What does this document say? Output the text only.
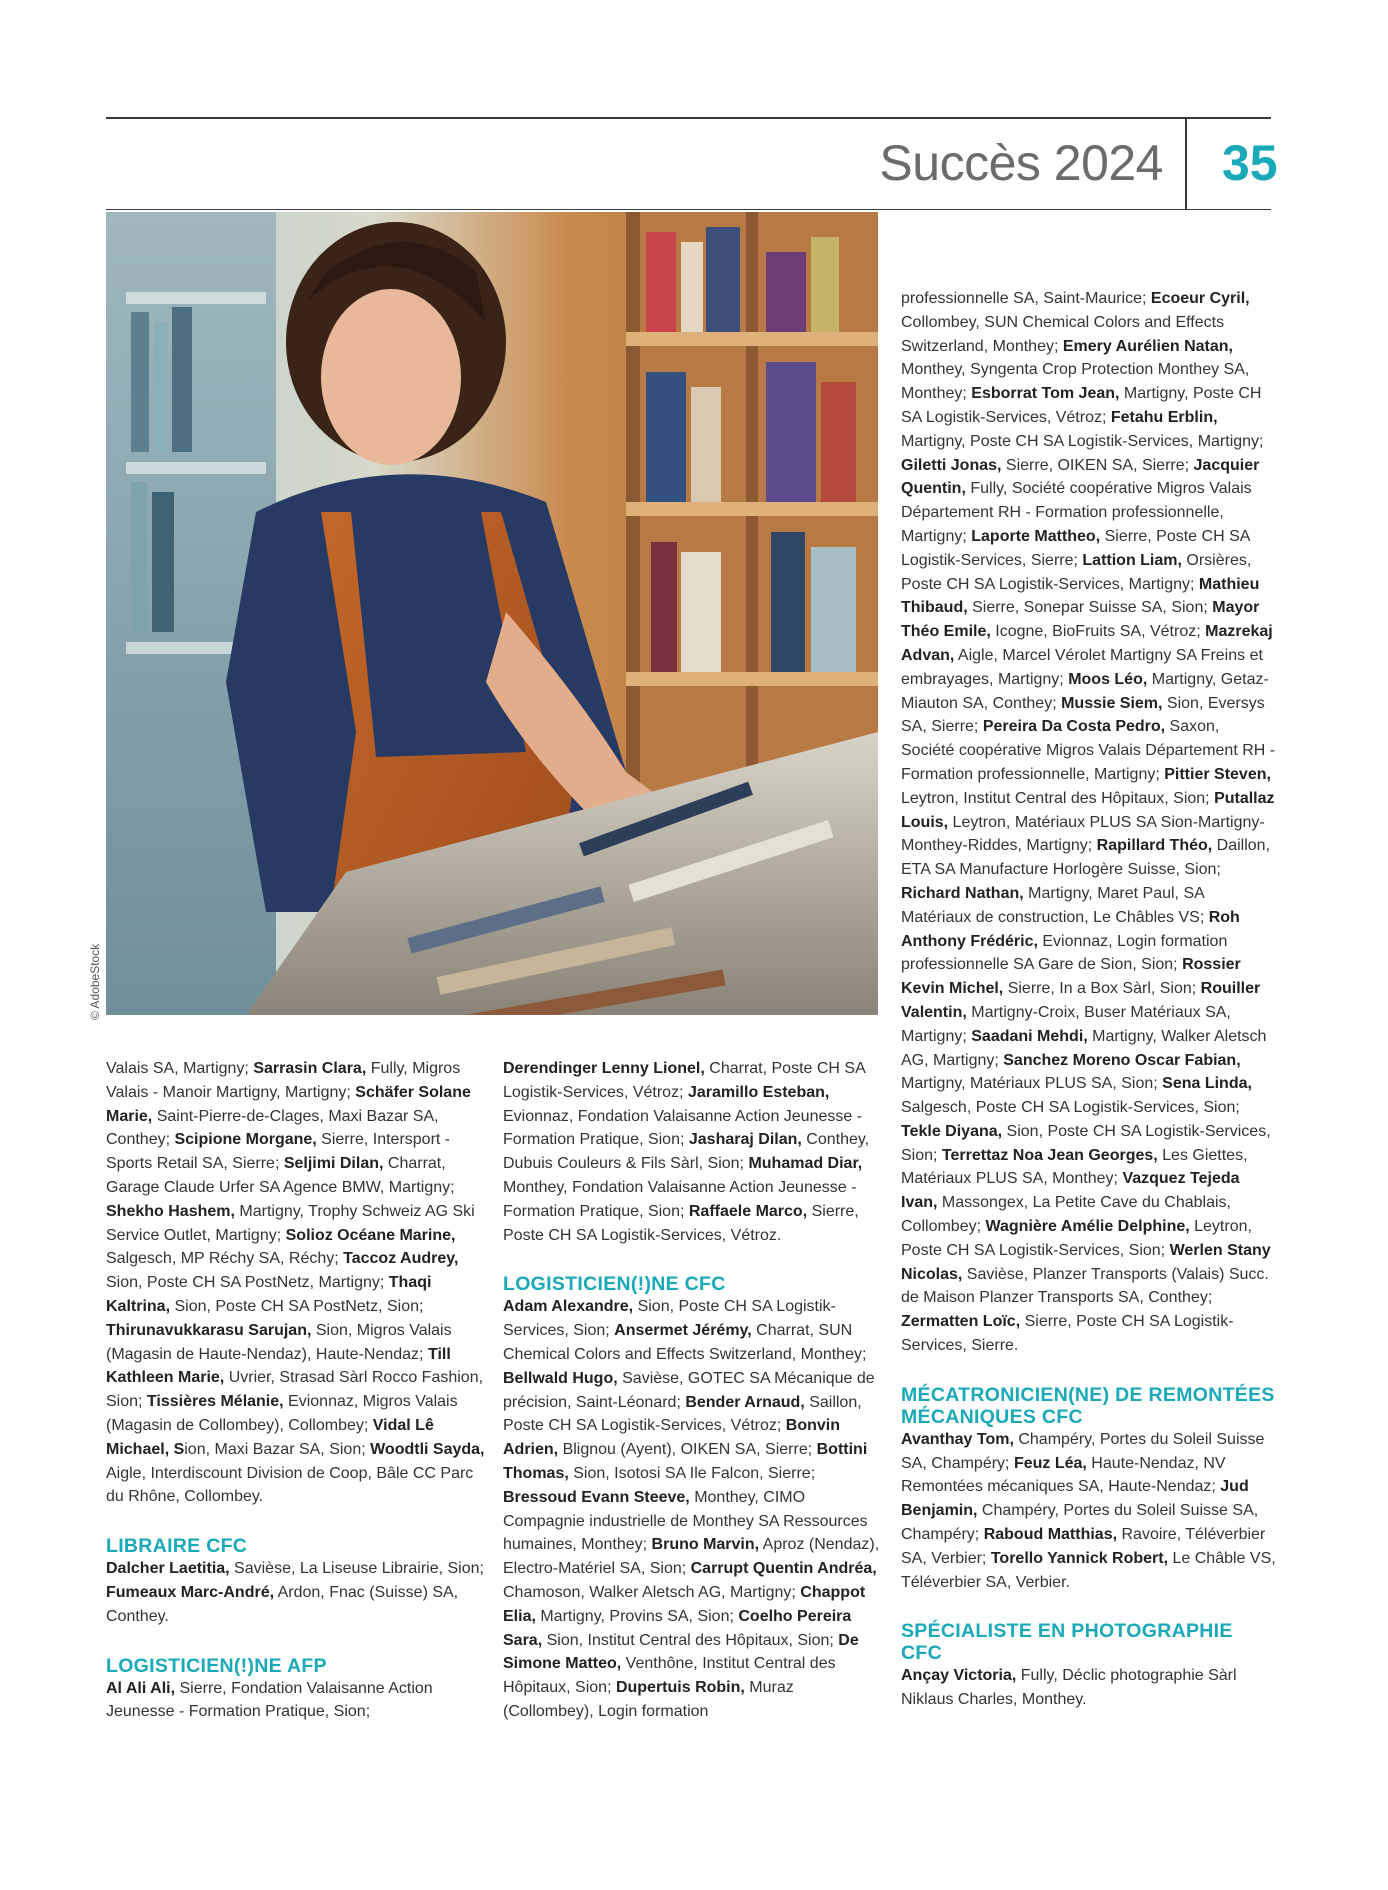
Succès 2024 35
© AdobeStock

Valais SA, Martigny; Sarrasin Clara, Fully, Migros Valais - Manoir Martigny, Martigny; Schäfer Solane Marie, Saint-Pierre-de-Clages, Maxi Bazar SA, Conthey; Scipione Morgane, Sierre, Intersport - Sports Retail SA, Sierre; Seljimi Dilan, Charrat, Garage Claude Urfer SA Agence BMW, Martigny; Shekho Hashem, Martigny, Trophy Schweiz AG Ski Service Outlet, Martigny; Solioz Océane Marine, Salgesch, MP Réchy SA, Réchy; Taccoz Audrey, Sion, Poste CH SA PostNetz, Martigny; Thaqi Kaltrina, Sion, Poste CH SA PostNetz, Sion; Thirunavukkarasu Sarujan, Sion, Migros Valais (Magasin de Haute-Nendaz), Haute-Nendaz; Till Kathleen Marie, Uvrier, Strasad Sàrl Rocco Fashion, Sion; Tissières Mélanie, Evionnaz, Migros Valais (Magasin de Collombey), Collombey; Vidal Lê Michael, Sion, Maxi Bazar SA, Sion; Woodtli Sayda, Aigle, Interdiscount Division de Coop, Bâle CC Parc du Rhône, Collombey.

LIBRAIRE CFC

Dalcher Laetitia, Savièse, La Liseuse Librairie, Sion; Fumeaux Marc-André, Ardon, Fnac (Suisse) SA, Conthey.

LOGISTICIEN(!)NE AFP

Al Ali Ali, Sierre, Fondation Valaisanne Action Jeunesse - Formation Pratique, Sion;

Derendinger Lenny Lionel, Charrat, Poste CH SA Logistik-Services, Vétroz; Jaramillo Esteban, Evionnaz, Fondation Valaisanne Action Jeunesse - Formation Pratique, Sion; Jasharaj Dilan, Conthey, Dubuis Couleurs & Fils Sàrl, Sion; Muhamad Diar, Monthey, Fondation Valaisanne Action Jeunesse - Formation Pratique, Sion; Raffaele Marco, Sierre, Poste CH SA Logistik-Services, Vétroz.

LOGISTICIEN(!)NE CFC

Adam Alexandre, Sion, Poste CH SA Logistik-Services, Sion; Ansermet Jérémy, Charrat, SUN Chemical Colors and Effects Switzerland, Monthey; Bellwald Hugo, Savièse, GOTEC SA Mécanique de précision, Saint-Léonard; Bender Arnaud, Saillon, Poste CH SA Logistik-Services, Vétroz; Bonvin Adrien, Blignou (Ayent), OIKEN SA, Sierre; Bottini Thomas, Sion, Isotosi SA Ile Falcon, Sierre; Bressoud Evann Steeve, Monthey, CIMO Compagnie industrielle de Monthey SA Ressources humaines, Monthey; Bruno Marvin, Aproz (Nendaz), Electro-Matériel SA, Sion; Carrupt Quentin Andréa, Chamoson, Walker Aletsch AG, Martigny; Chappot Elia, Martigny, Provins SA, Sion; Coelho Pereira Sara, Sion, Institut Central des Hôpitaux, Sion; De Simone Matteo, Venthône, Institut Central des Hôpitaux, Sion; Dupertuis Robin, Muraz (Collombey), Login formation

professionnelle SA, Saint-Maurice; Ecoeur Cyril, Collombey, SUN Chemical Colors and Effects Switzerland, Monthey; Emery Aurélien Natan, Monthey, Syngenta Crop Protection Monthey SA, Monthey; Esborrat Tom Jean, Martigny, Poste CH SA Logistik-Services, Vétroz; Fetahu Erblin, Martigny, Poste CH SA Logistik-Services, Martigny; Giletti Jonas, Sierre, OIKEN SA, Sierre; Jacquier Quentin, Fully, Société coopérative Migros Valais Département RH - Formation professionnelle, Martigny; Laporte Mattheo, Sierre, Poste CH SA Logistik-Services, Sierre; Lattion Liam, Orsières, Poste CH SA Logistik-Services, Martigny; Mathieu Thibaud, Sierre, Sonepar Suisse SA, Sion; Mayor Théo Emile, Icogne, BioFruits SA, Vétroz; Mazrekaj Advan, Aigle, Marcel Vérolet Martigny SA Freins et embrayages, Martigny; Moos Léo, Martigny, Getaz-Miauton SA, Conthey; Mussie Siem, Sion, Eversys SA, Sierre; Pereira Da Costa Pedro, Saxon, Société coopérative Migros Valais Département RH - Formation professionnelle, Martigny; Pittier Steven, Leytron, Institut Central des Hôpitaux, Sion; Putallaz Louis, Leytron, Matériaux PLUS SA Sion-Martigny-Monthey-Riddes, Martigny; Rapillard Théo, Daillon, ETA SA Manufacture Horlogère Suisse, Sion; Richard Nathan, Martigny, Maret Paul, SA Matériaux de construction, Le Châbles VS; Roh Anthony Frédéric, Evionnaz, Login formation professionnelle SA Gare de Sion, Sion; Rossier Kevin Michel, Sierre, In a Box Sàrl, Sion; Rouiller Valentin, Martigny-Croix, Buser Matériaux SA, Martigny; Saadani Mehdi, Martigny, Walker Aletsch AG, Martigny; Sanchez Moreno Oscar Fabian, Martigny, Matériaux PLUS SA, Sion; Sena Linda, Salgesch, Poste CH SA Logistik-Services, Sion; Tekle Diyana, Sion, Poste CH SA Logistik-Services, Sion; Terrettaz Noa Jean Georges, Les Giettes, Matériaux PLUS SA, Monthey; Vazquez Tejeda Ivan, Massongex, La Petite Cave du Chablais, Collombey; Wagnière Amélie Delphine, Leytron, Poste CH SA Logistik-Services, Sion; Werlen Stany Nicolas, Savièse, Planzer Transports (Valais) Succ. de Maison Planzer Transports SA, Conthey; Zermatten Loïc, Sierre, Poste CH SA Logistik-Services, Sierre.

MÉCATRONICIEN(NE) DE REMONTÉES MÉCANIQUES CFC

Avanthay Tom, Champéry, Portes du Soleil Suisse SA, Champéry; Feuz Léa, Haute-Nendaz, NV Remontées mécaniques SA, Haute-Nendaz; Jud Benjamin, Champéry, Portes du Soleil Suisse SA, Champéry; Raboud Matthias, Ravoire, Téléverbier SA, Verbier; Torello Yannick Robert, Le Châble VS, Téléverbier SA, Verbier.

SPÉCIALISTE EN PHOTOGRAPHIE CFC

Ançay Victoria, Fully, Déclic photographie Sàrl Niklaus Charles, Monthey.
